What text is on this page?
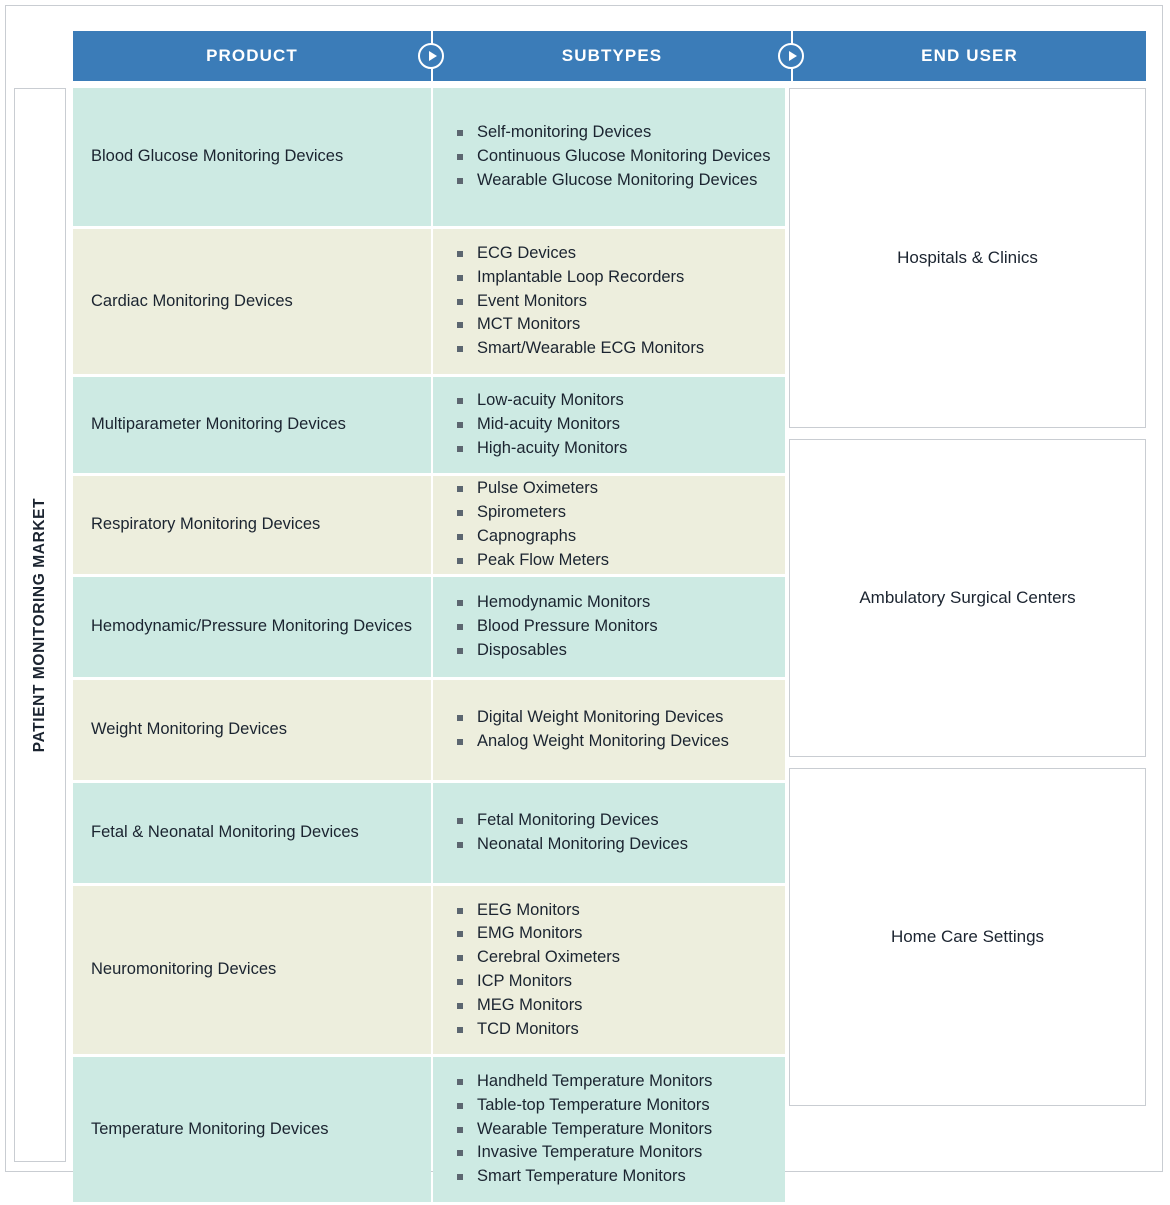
PRODUCT	SUBTYPES	END USER
PATIENT MONITORING MARKET
Blood Glucose Monitoring Devices
Cardiac Monitoring Devices
Multiparameter Monitoring Devices
Respiratory Monitoring Devices
Hemodynamic/Pressure Monitoring Devices
Weight Monitoring Devices
Fetal & Neonatal Monitoring Devices
Neuromonitoring Devices
Temperature Monitoring Devices
Self-monitoring Devices
Continuous Glucose Monitoring Devices
Wearable Glucose Monitoring Devices
ECG Devices
Implantable Loop Recorders
Event Monitors
MCT Monitors
Smart/Wearable ECG Monitors
Low-acuity Monitors
Mid-acuity Monitors
High-acuity Monitors
Pulse Oximeters
Spirometers
Capnographs
Peak Flow Meters
Hemodynamic Monitors
Blood Pressure Monitors
Disposables
Digital Weight Monitoring Devices
Analog Weight Monitoring Devices
Fetal Monitoring Devices
Neonatal Monitoring Devices
EEG Monitors
EMG Monitors
Cerebral Oximeters
ICP Monitors
MEG Monitors
TCD Monitors
Handheld Temperature Monitors
Table-top Temperature Monitors
Wearable Temperature Monitors
Invasive Temperature Monitors
Smart Temperature Monitors
Hospitals & Clinics
Ambulatory Surgical Centers
Home Care Settings
